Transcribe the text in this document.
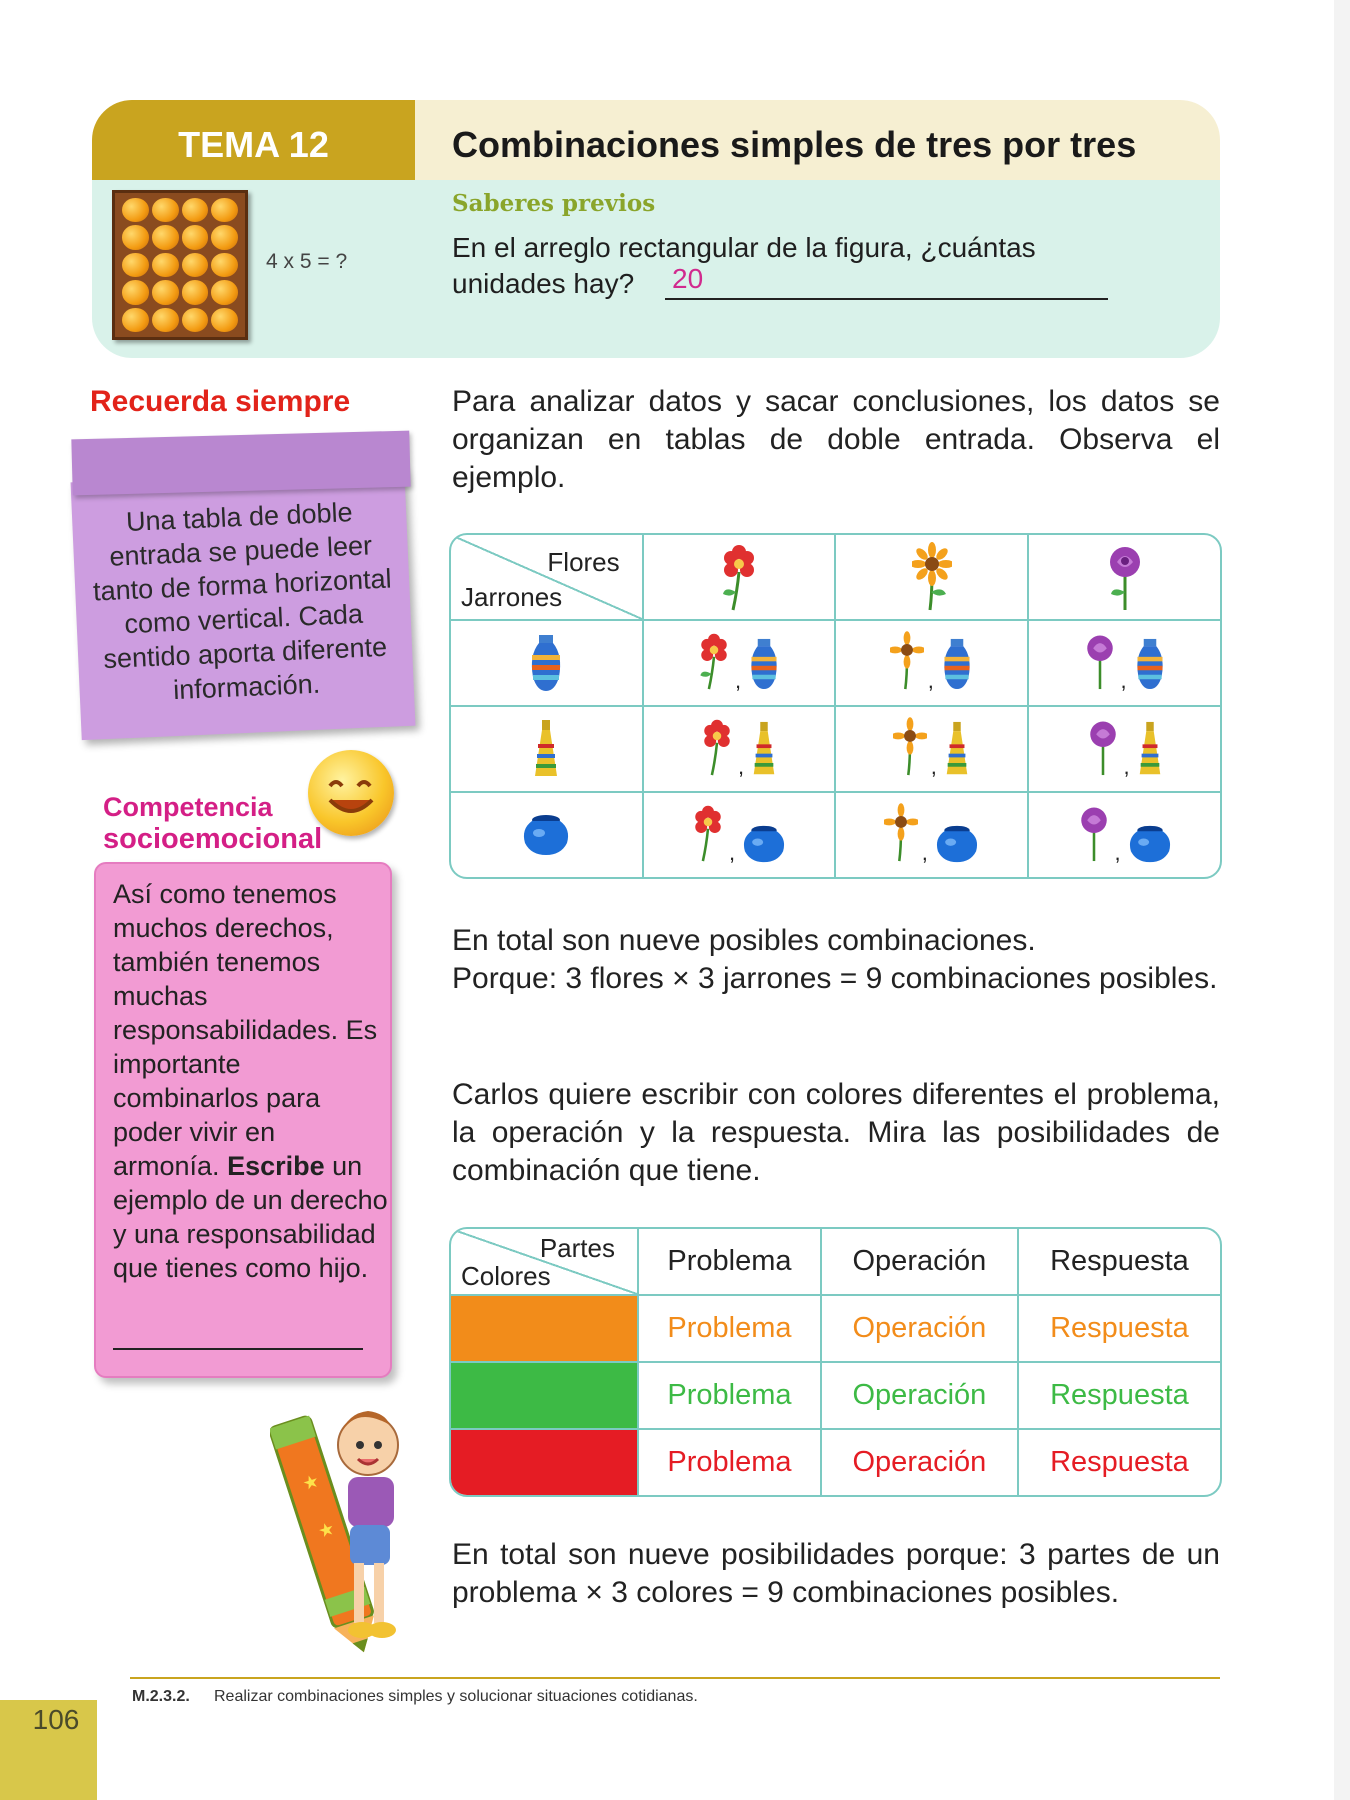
TEMA 12	Combinaciones simples de tres por tres
4 x 5 = ?
Saberes previos
En el arreglo rectangular de la figura, ¿cuántas unidades hay?	20
Recuerda siempre
Una tabla de doble entrada se puede leer tanto de forma horizontal como vertical. Cada sentido aporta diferente información.
Competencia
socioemocional
Así como tenemos muchos derechos, también tenemos muchas responsabilidades. Es importante combinarlos para poder vivir en armonía. Escribe un ejemplo de un derecho y una responsabilidad que tienes como hijo.
★
★
Para analizar datos y sacar conclusiones, los datos se organizan en tablas de doble entrada. Observa el ejemplo.
Flores
Jarrones

,	,	,

,	,	,

,	,	,
En total son nueve posibles combinaciones.
Porque: 3 flores × 3 jarrones = 9 combinaciones posibles.
Carlos quiere escribir con colores diferentes el problema, la operación y la respuesta. Mira las posibilidades de combinación que tiene.
Partes
Colores	Problema	Operación	Respuesta
	Problema	Operación	Respuesta
	Problema	Operación	Respuesta
	Problema	Operación	Respuesta
En total son nueve posibilidades porque: 3 partes de un problema × 3 colores = 9 combinaciones posibles.
M.2.3.2. Realizar combinaciones simples y solucionar situaciones cotidianas.
106
